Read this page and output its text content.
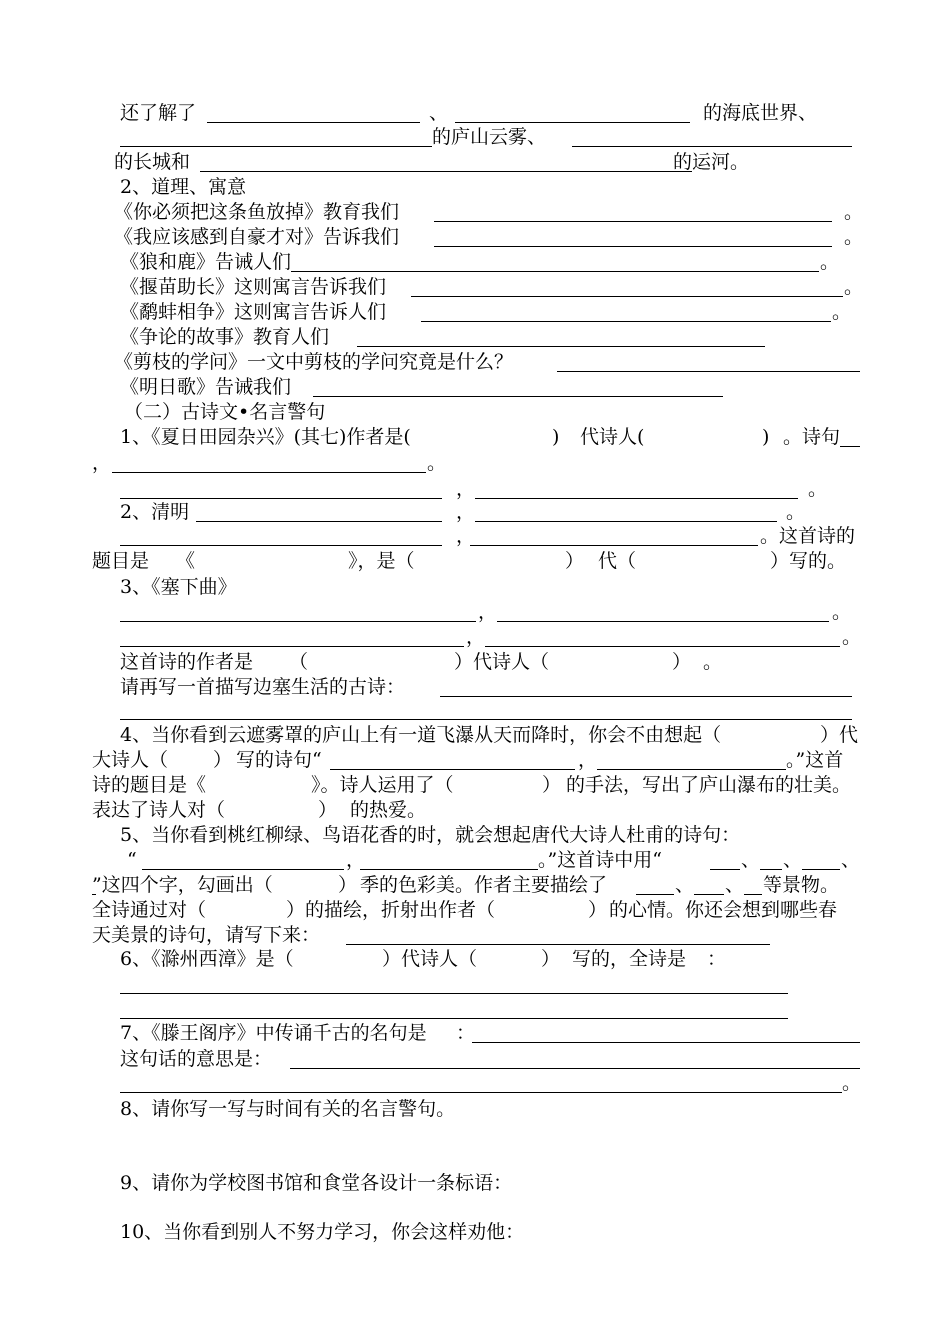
还了解了	、	的海底世界、
的庐山云雾、
的长城和	的运河。
2、道理、寓意
《你必须把这条鱼放掉》教育我们	。
《我应该感到自豪才对》告诉我们	。
《狼和鹿》告诫人们	。
《揠苗助长》这则寓言告诉我们	。
《鹬蚌相争》这则寓言告诉人们	。
《争论的故事》教育人们
《剪枝的学问》一文中剪枝的学问究竟是什么？
《明日歌》告诫我们
（二）古诗文•名言警句
1、《夏日田园杂兴》(其七)作者是(	) 代诗人(	) 。诗句
，	。
，	。
2、清明	，	。
，	。这首诗的
题目是 《	》，是（	） 代（	）写的。
3、《塞下曲》
，	。
，	。
这首诗的作者是 （	）代诗人（	） 。
请再写一首描写边塞生活的古诗：
4、当你看到云遮雾罩的庐山上有一道飞瀑从天而降时，你会不由想起（	）代
大诗人（ ） 写的诗句“	，	。”这首
诗的题目是《	》。诗人运用了（	） 的手法，写出了庐山瀑布的壮美。
表达了诗人对（	） 的热爱。
5、当你看到桃红柳绿、鸟语花香的时，就会想起唐代大诗人杜甫的诗句：
“	，	。”这首诗中用“	、 、 、
”这四个字，勾画出（	） 季的色彩美。作者主要描绘了	、 、 等景物。
全诗通过对（	） 的描绘，折射出作者（	） 的心情。你还会想到哪些春
天美景的诗句，请写下来：
6、《滁州西漳》是（	）代诗人（	） 写的，全诗是 ：
7、《滕王阁序》中传诵千古的名句是 ：
这句话的意思是：
。
8、请你写一写与时间有关的名言警句。
9、请你为学校图书馆和食堂各设计一条标语：
10、当你看到别人不努力学习，你会这样劝他：
